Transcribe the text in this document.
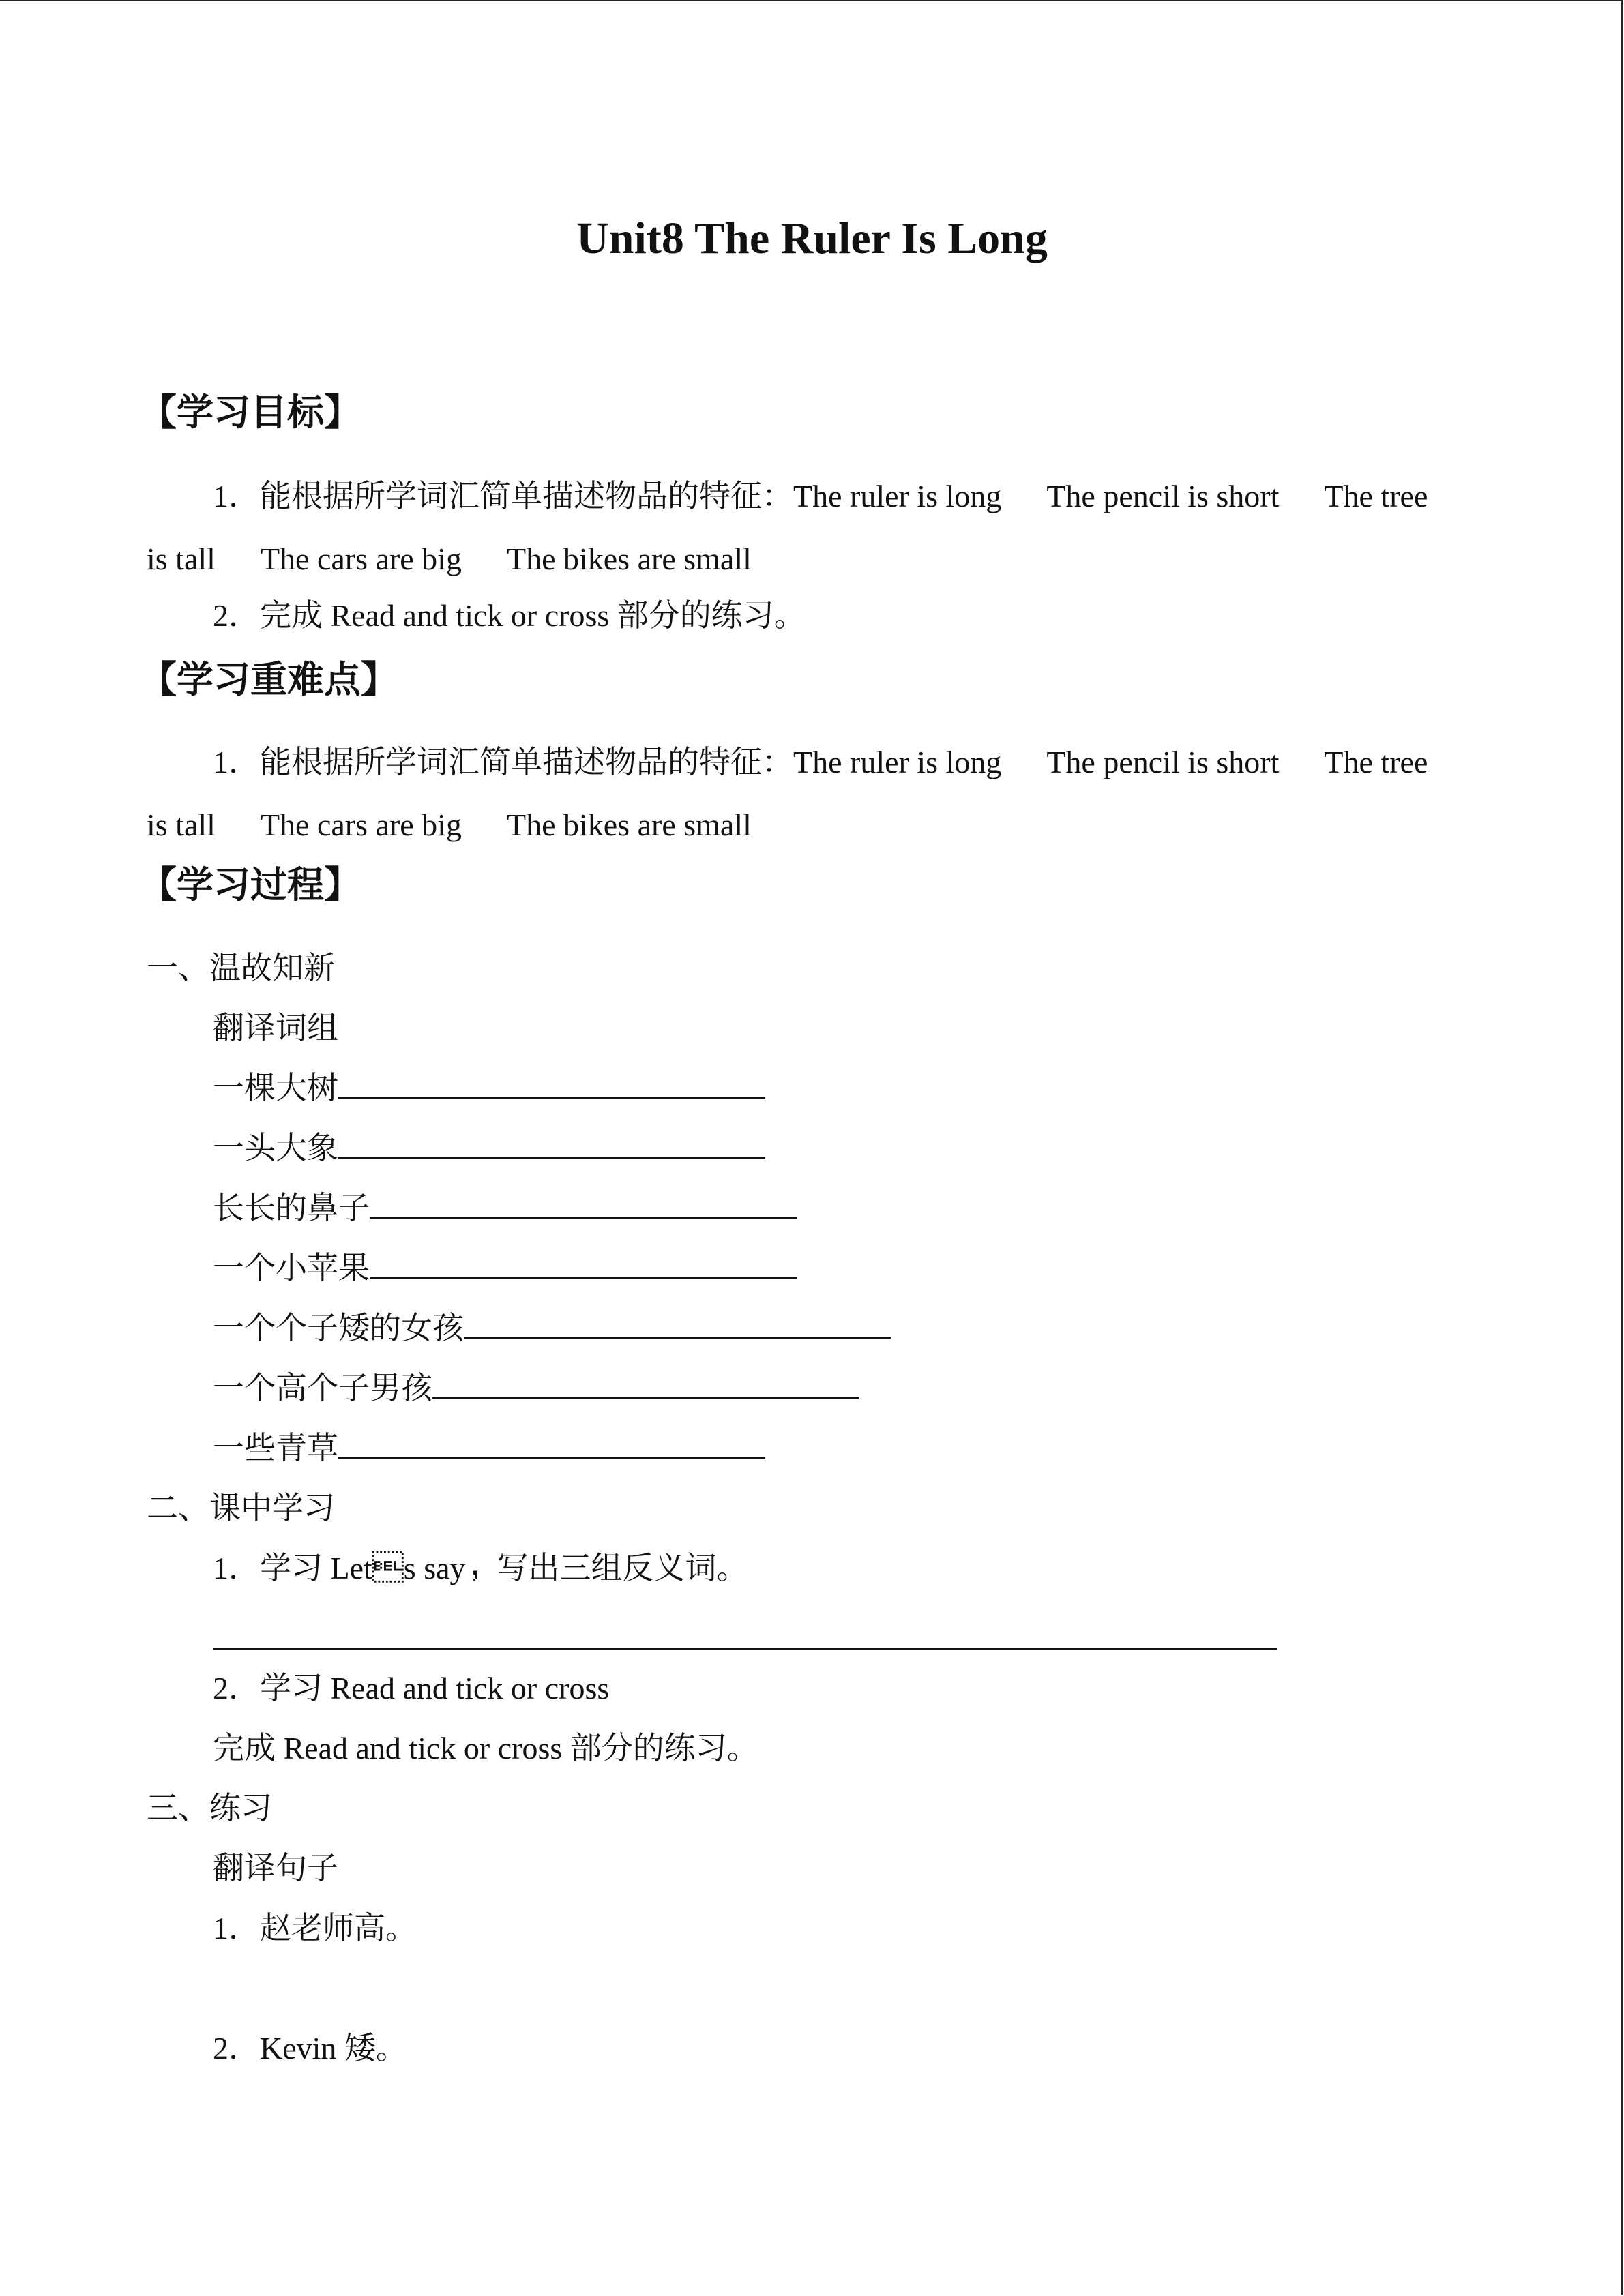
Unit8 The Ruler Is Long
【学习目标】
1．能根据所学词汇简单描述物品的特征：The ruler is long The pencil is short The tree
is tall The cars are big The bikes are small
2．完成 Read and tick or cross 部分的练习。
【学习重难点】
1．能根据所学词汇简单描述物品的特征：The ruler is long The pencil is short The tree
is tall The cars are big The bikes are small
【学习过程】
一、温故知新
翻译词组
一棵大树
一头大象
长长的鼻子
一个小苹果
一个个子矮的女孩
一个高个子男孩
一些青草
二、课中学习
1．学习 Lets say，写出三组反义词。
2．学习 Read and tick or cross
完成 Read and tick or cross 部分的练习。
三、练习
翻译句子
1．赵老师高。
2．Kevin 矮。
